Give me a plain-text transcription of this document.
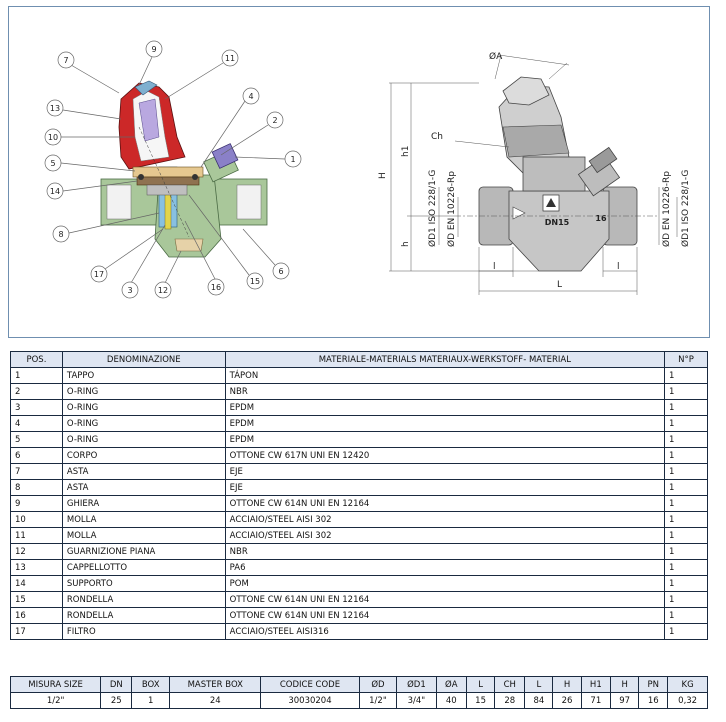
7
9
11
13
10
5
14
8
17
3	12	16
15
6
1
2
4
DN15	16
ØA
Ch
H
h1
h ØD1 ISO 228/1-G ØD EN 10226-Rp	ØD EN 10226-Rp ØD1 ISO 228/1-G
l	l
L
POS.	DENOMINAZIONE	MATERIALE-MATERIALS MATERIAUX-WERKSTOFF- MATERIAL	N°P
1	TAPPO	TÁPON	1
2	O-RING	NBR	1
3	O-RING	EPDM	1
4	O-RING	EPDM	1
5	O-RING	EPDM	1
6	CORPO	OTTONE CW 617N UNI EN 12420	1
7	ASTA	EJE	1
8	ASTA	EJE	1
9	GHIERA	OTTONE CW 614N UNI EN 12164	1
10	MOLLA	ACCIAIO/STEEL AISI 302	1
11	MOLLA	ACCIAIO/STEEL AISI 302	1
12	GUARNIZIONE PIANA	NBR	1
13	CAPPELLOTTO	PA6	1
14	SUPPORTO	POM	1
15	RONDELLA	OTTONE CW 614N UNI EN 12164	1
16	RONDELLA	OTTONE CW 614N UNI EN 12164	1
17	FILTRO	ACCIAIO/STEEL AISI316	1
MISURA SIZE	DN	BOX	MASTER BOX	CODICE CODE	ØD	ØD1	ØA	L	CH	L	H	H1	H	PN	KG
1/2"	25	1	24	30030204	1/2"	3/4"	40	15	28	84	26	71	97	16	0,32
